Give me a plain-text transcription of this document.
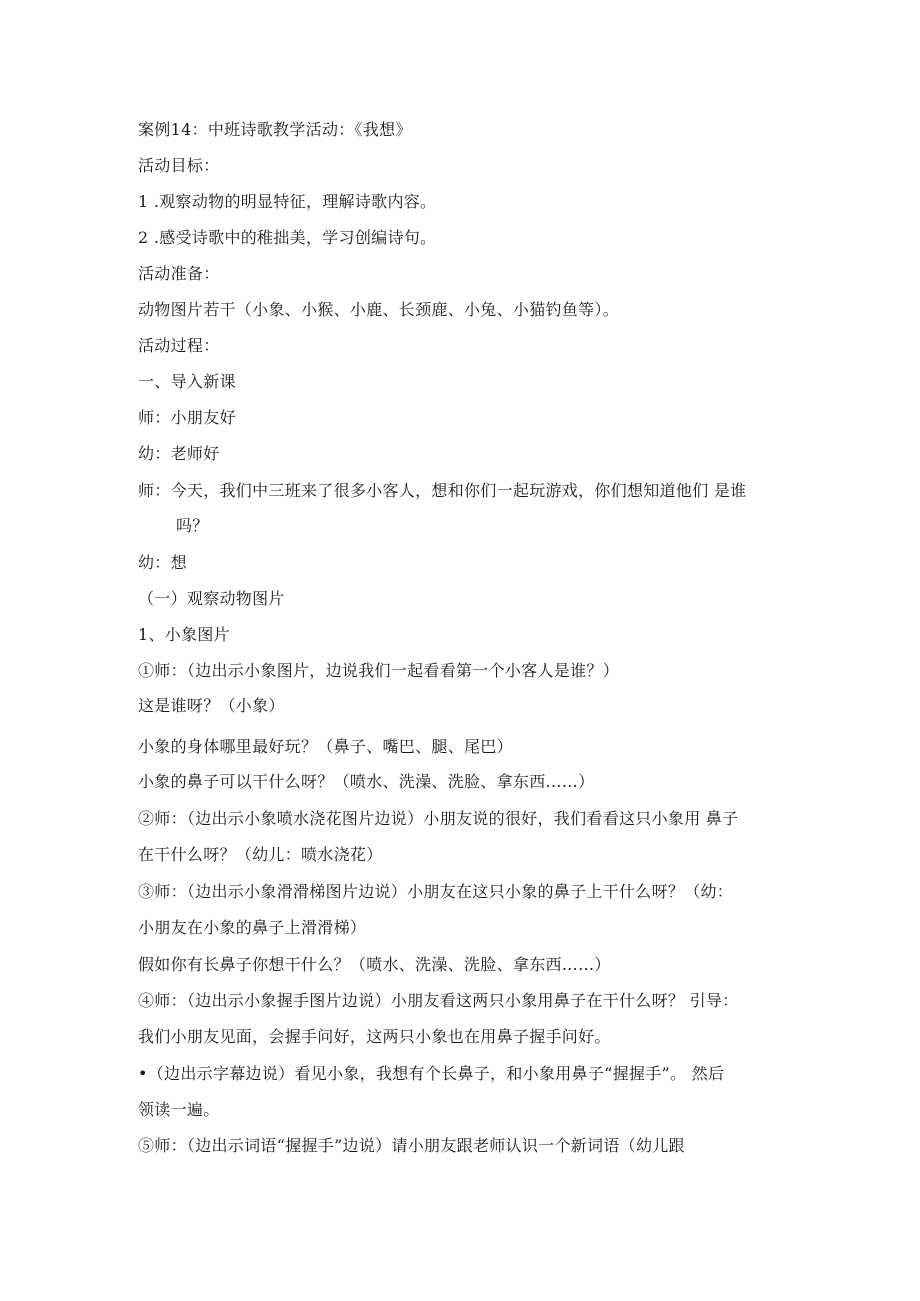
案例14：中班诗歌教学活动：《我想》
活动目标：
1 .观察动物的明显特征，理解诗歌内容。
2 .感受诗歌中的稚拙美，学习创编诗句。
活动准备：
动物图片若干（小象、小猴、小鹿、长颈鹿、小兔、小猫钓鱼等）。
活动过程：
一、导入新课
师：小朋友好
幼：老师好
师：今天，我们中三班来了很多小客人，想和你们一起玩游戏，你们想知道他们 是谁
吗？
幼：想
（一）观察动物图片
1、小象图片
①师：（边出示小象图片，边说我们一起看看第一个小客人是谁？）
这是谁呀？（小象）
小象的身体哪里最好玩？（鼻子、嘴巴、腿、尾巴）
小象的鼻子可以干什么呀？（喷水、洗澡、洗脸、拿东西……）
②师：（边出示小象喷水浇花图片边说）小朋友说的很好，我们看看这只小象用 鼻子
在干什么呀？（幼儿：喷水浇花）
③师：（边出示小象滑滑梯图片边说）小朋友在这只小象的鼻子上干什么呀？（幼：
小朋友在小象的鼻子上滑滑梯）
假如你有长鼻子你想干什么？（喷水、洗澡、洗脸、拿东西……）
④师：（边出示小象握手图片边说）小朋友看这两只小象用鼻子在干什么呀？ 引导：
我们小朋友见面，会握手问好，这两只小象也在用鼻子握手问好。
•（边出示字幕边说）看见小象，我想有个长鼻子，和小象用鼻子“握握手”。 然后
领读一遍。
⑤师：（边出示词语“握握手”边说）请小朋友跟老师认识一个新词语（幼儿跟
